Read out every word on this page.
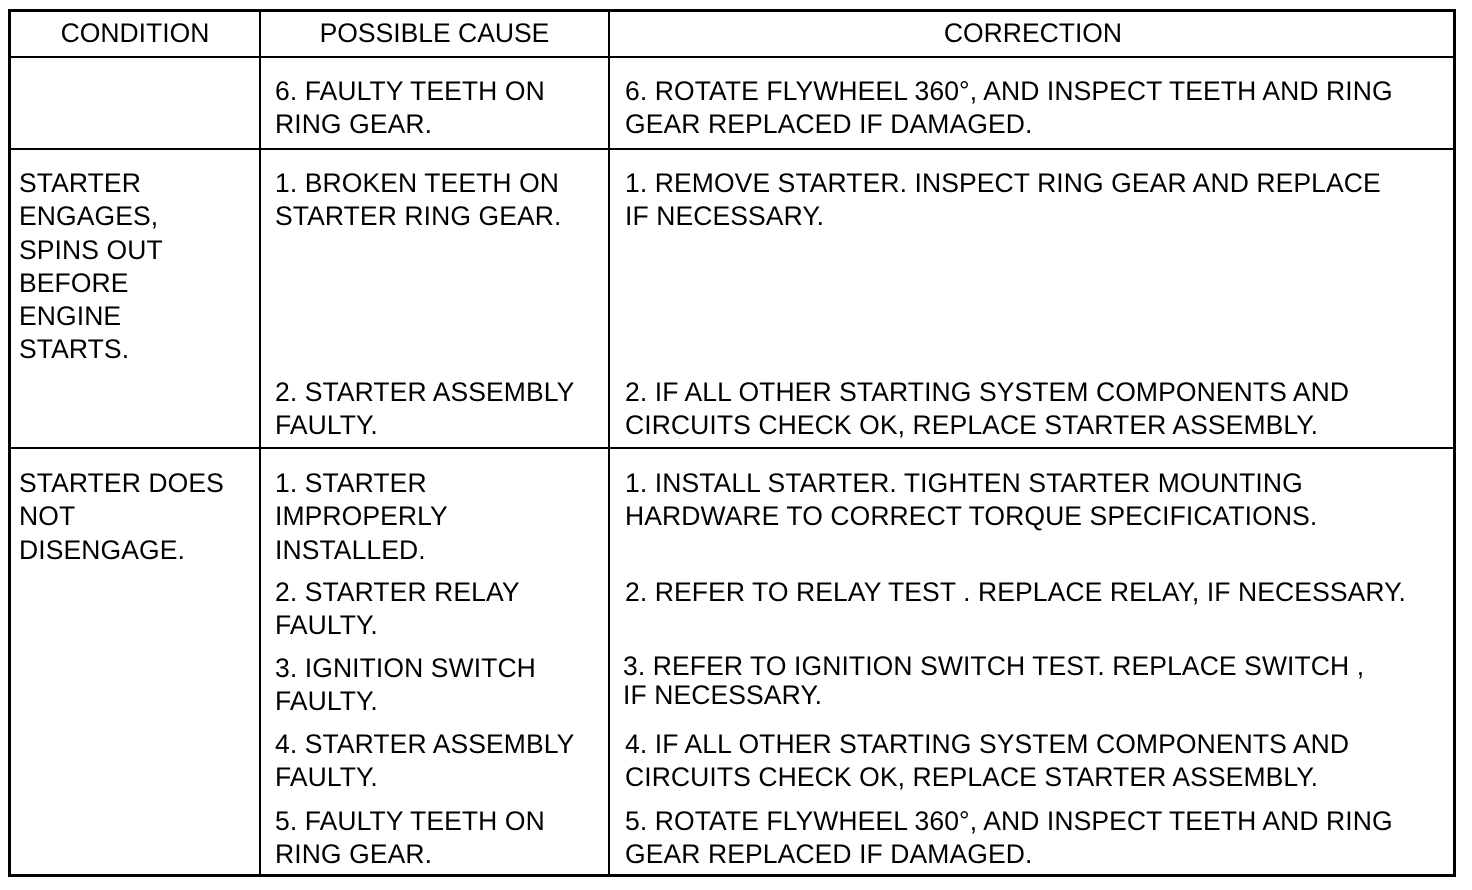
CONDITION	POSSIBLE CAUSE	CORRECTION
6. FAULTY TEETH ON
RING GEAR.
6. ROTATE FLYWHEEL 360°, AND INSPECT TEETH AND RING
GEAR REPLACED IF DAMAGED.
STARTER
ENGAGES,
SPINS OUT
BEFORE
ENGINE
STARTS.
1. BROKEN TEETH ON
STARTER RING GEAR.
1. REMOVE STARTER. INSPECT RING GEAR AND REPLACE
IF NECESSARY.
2. STARTER ASSEMBLY
FAULTY.
2. IF ALL OTHER STARTING SYSTEM COMPONENTS AND
CIRCUITS CHECK OK, REPLACE STARTER ASSEMBLY.
STARTER DOES
NOT
DISENGAGE.
1. STARTER
IMPROPERLY
INSTALLED.
1. INSTALL STARTER. TIGHTEN STARTER MOUNTING
HARDWARE TO CORRECT TORQUE SPECIFICATIONS.
2. STARTER RELAY
FAULTY.
2. REFER TO RELAY TEST . REPLACE RELAY, IF NECESSARY.
3. IGNITION SWITCH
FAULTY.
3. REFER TO IGNITION SWITCH TEST. REPLACE SWITCH ,
IF NECESSARY.
4. STARTER ASSEMBLY
FAULTY.
4. IF ALL OTHER STARTING SYSTEM COMPONENTS AND
CIRCUITS CHECK OK, REPLACE STARTER ASSEMBLY.
5. FAULTY TEETH ON
RING GEAR.
5. ROTATE FLYWHEEL 360°, AND INSPECT TEETH AND RING
GEAR REPLACED IF DAMAGED.
